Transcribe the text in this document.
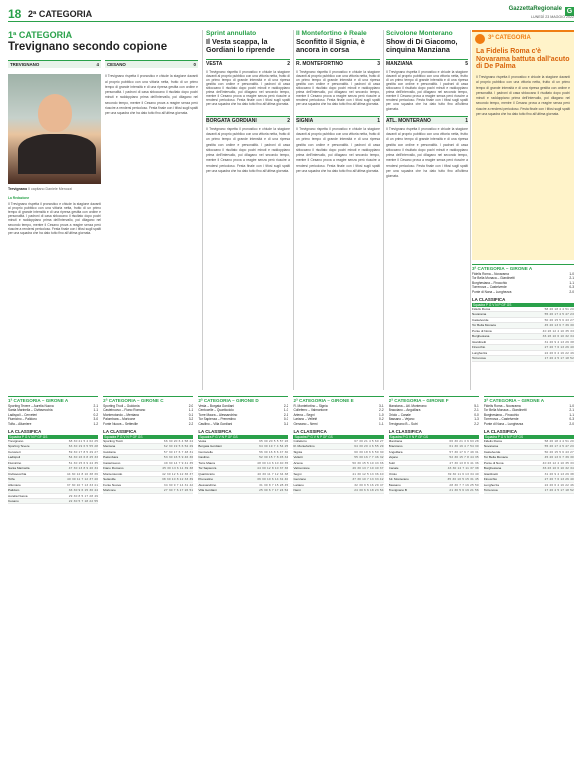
18 2ª CATEGORIA	GazzettaRegionale G
LUNEDÌ 23 MAGGIO 2022
1ª CATEGORIA
Trevignano secondo copione
TREVIGNANO	4 CESANO	0
Trevignano Il capitano Daniele Menozzi
La Redazione
Il Trevignano rispetta il pronostico e chiude la stagione davanti al proprio pubblico con una vittoria netta, frutto di un primo tempo di grande intensità e di una ripresa gestita con ordine e personalità. I padroni di casa sbloccano il risultato dopo pochi minuti e raddoppiano prima dell'intervallo, poi dilagano nel secondo tempo, mentre il Cesano prova a reagire senza però riuscire a rendersi pericoloso. Festa finale con i tifosi sugli spalti per una squadra che ha dato tutto fino all'ultima giornata.
Il Trevignano rispetta il pronostico e chiude la stagione davanti al proprio pubblico con una vittoria netta, frutto di un primo tempo di grande intensità e di una ripresa gestita con ordine e personalità. I padroni di casa sbloccano il risultato dopo pochi minuti e raddoppiano prima dell'intervallo, poi dilagano nel secondo tempo, mentre il Cesano prova a reagire senza però riuscire a rendersi pericoloso. Festa finale con i tifosi sugli spalti per una squadra che ha dato tutto fino all'ultima giornata.
Sprint annullato
Il Vesta scappa, la Gordiani lo riprende
VESTA	2
Il Trevignano rispetta il pronostico e chiude la stagione davanti al proprio pubblico con una vittoria netta, frutto di un primo tempo di grande intensità e di una ripresa gestita con ordine e personalità. I padroni di casa sbloccano il risultato dopo pochi minuti e raddoppiano prima dell'intervallo, poi dilagano nel secondo tempo, mentre il Cesano prova a reagire senza però riuscire a rendersi pericoloso. Festa finale con i tifosi sugli spalti per una squadra che ha dato tutto fino all'ultima giornata.
BORGATA GORDIANI	2
Il Trevignano rispetta il pronostico e chiude la stagione davanti al proprio pubblico con una vittoria netta, frutto di un primo tempo di grande intensità e di una ripresa gestita con ordine e personalità. I padroni di casa sbloccano il risultato dopo pochi minuti e raddoppiano prima dell'intervallo, poi dilagano nel secondo tempo, mentre il Cesano prova a reagire senza però riuscire a rendersi pericoloso. Festa finale con i tifosi sugli spalti per una squadra che ha dato tutto fino all'ultima giornata.
Il Montefortino è Reale
Sconfitto il Signia, è ancora in corsa
R. MONTEFORTINO	3
Il Trevignano rispetta il pronostico e chiude la stagione davanti al proprio pubblico con una vittoria netta, frutto di un primo tempo di grande intensità e di una ripresa gestita con ordine e personalità. I padroni di casa sbloccano il risultato dopo pochi minuti e raddoppiano prima dell'intervallo, poi dilagano nel secondo tempo, mentre il Cesano prova a reagire senza però riuscire a rendersi pericoloso. Festa finale con i tifosi sugli spalti per una squadra che ha dato tutto fino all'ultima giornata.
SIGNIA	1
Il Trevignano rispetta il pronostico e chiude la stagione davanti al proprio pubblico con una vittoria netta, frutto di un primo tempo di grande intensità e di una ripresa gestita con ordine e personalità. I padroni di casa sbloccano il risultato dopo pochi minuti e raddoppiano prima dell'intervallo, poi dilagano nel secondo tempo, mentre il Cesano prova a reagire senza però riuscire a rendersi pericoloso. Festa finale con i tifosi sugli spalti per una squadra che ha dato tutto fino all'ultima giornata.
Scivolone Monterano
Show di Di Giacomo, cinquina Manziana
MANZIANA	5
Il Trevignano rispetta il pronostico e chiude la stagione davanti al proprio pubblico con una vittoria netta, frutto di un primo tempo di grande intensità e di una ripresa gestita con ordine e personalità. I padroni di casa sbloccano il risultato dopo pochi minuti e raddoppiano prima dell'intervallo, poi dilagano nel secondo tempo, mentre il Cesano prova a reagire senza però riuscire a rendersi pericoloso. Festa finale con i tifosi sugli spalti per una squadra che ha dato tutto fino all'ultima giornata.
ATL. MONTERANO	1
Il Trevignano rispetta il pronostico e chiude la stagione davanti al proprio pubblico con una vittoria netta, frutto di un primo tempo di grande intensità e di una ripresa gestita con ordine e personalità. I padroni di casa sbloccano il risultato dopo pochi minuti e raddoppiano prima dell'intervallo, poi dilagano nel secondo tempo, mentre il Cesano prova a reagire senza però riuscire a rendersi pericoloso. Festa finale con i tifosi sugli spalti per una squadra che ha dato tutto fino all'ultima giornata.
3ª CATEGORIA
La Fidelis Roma c'è Novarama battuta dall'acuto di De Palma
Il Trevignano rispetta il pronostico e chiude la stagione davanti al proprio pubblico con una vittoria netta, frutto di un primo tempo di grande intensità e di una ripresa gestita con ordine e personalità. I padroni di casa sbloccano il risultato dopo pochi minuti e raddoppiano prima dell'intervallo, poi dilagano nel secondo tempo, mentre il Cesano prova a reagire senza però riuscire a rendersi pericoloso. Festa finale con i tifosi sugli spalti per una squadra che ha dato tutto fino all'ultima giornata.
3ª CATEGORIA – GIRONE A
Fidelis Roma – Novarama	1-0
Tor Bella Monaca – Giardinetti	2-1
Borghesiana – Finocchio	1-1
Torrenova – Castelverde	0-3
Ponte di Nona – Lunghezza	2-0
LA CLASSIFICA
Squadra P G V N P GF GS
Fidelis Roma	58 26 18 4 4 51 20
Novarama	55 26 17 4 5 47 23
Castelverde	50 26 15 5 6 43 27
Tor Bella Monaca	45 26 13 6 7 39 30
Ponte di Nona	40 26 12 4 10 35 33
Borghesiana	36 26 10 6 10 32 34
Giardinetti	31 26 9 4 13 29 38
Finocchio	27 26 7 6 13 26 40
Lunghezza	22 26 6 4 16 22 46
Torrenova	17 26 4 5 17 18 52
1ª CATEGORIA – GIRONE A
Sporting Tevere – Aurelia Nuova	2-1
Santa Marinella – Civitavecchia	1-1
Ladispoli – Cerveteri	0-2
Fiumicino – Palidoro	3-0
Tolfa – Allumiere	1-2
LA CLASSIFICA
Squadra P G V N P GF GS
Trevignano	68 30 21 5 4 62 25
Sporting Tevere	63 30 19 6 5 55 28
Cerveteri	59 30 17 8 5 49 27
Ladispoli	54 30 16 6 8 45 33
Fiumicino	51 30 15 6 9 44 35
Santa Marinella	47 30 13 8 9 40 34
Civitavecchia	44 30 12 8 10 38 36
Tolfa	40 30 11 7 12 37 40
Allumiere	37 30 10 7 13 33 41
Palidoro	33 30 9 6 15 30 44
Aurelia Nuova	29 30 8 5 17 28 49
Cesano	22 30 5 7 18 22 55
2ª CATEGORIA – GIRONE C
Sporting Tivoli – Guidonia	2-0
Castelnuovo – Fiano Romano	1-1
Monterotondo – Mentana	0-1
Palombara – Moricone	3-2
Fonte Nuova – Setteville	2-2
LA CLASSIFICA
Squadra P G V N P GF GS
Sporting Tivoli	66 30 20 6 4 58 24
Mentana	62 30 19 5 6 52 29
Guidonia	57 30 17 6 7 48 31
Palombara	53 30 16 5 9 46 36
Castelnuovo	49 30 14 7 9 41 35
Fiano Romano	45 30 13 6 11 39 38
Monterotondo	42 30 12 6 12 36 37
Setteville	38 30 10 8 12 33 39
Fonte Nuova	34 30 9 7 14 31 42
Moricone	27 30 7 6 17 26 51
2ª CATEGORIA – GIRONE D
Vesta – Borgata Gordiani	2-2
Centocelle – Quarticciolo	1-0
Torre Maura – Alessandrino	2-1
Tor Sapienza – Prenestino	0-0
Casilino – Villa Gordiani	3-1
LA CLASSIFICA
Squadra P G V N P GF GS
Vesta	65 30 20 5 5 57 26
Borgata Gordiani	64 30 19 7 4 54 25
Centocelle	56 30 16 8 6 47 30
Casilino	52 30 15 7 8 45 34
Torre Maura	48 30 14 6 10 40 35
Tor Sapienza	44 30 12 8 10 37 36
Quarticciolo	40 30 11 7 12 34 38
Prenestino	36 30 10 6 14 31 40
Alessandrino	31 30 8 7 15 28 45
Villa Gordiani	25 30 6 7 17 24 52
2ª CATEGORIA – GIRONE E
R. Montefortino – Signia	3-1
Colleferro – Valmontone	2-2
Artena – Segni	1-0
Lariano – Velletri	0-2
Genzano – Nemi	1-1
LA CLASSIFICA
Squadra P G V N P GF GS
Colleferro	67 30 21 4 5 60 27
R. Montefortino	64 30 20 4 6 55 29
Signia	60 30 18 6 6 50 30
Velletri	55 30 16 7 7 46 32
Artena	50 30 15 5 10 43 36
Valmontone	46 30 13 7 10 40 37
Segni	41 30 12 5 13 36 40
Genzano	37 30 10 7 13 33 42
Lariano	32 30 9 5 16 29 47
Nemi	24 30 6 6 18 23 54
2ª CATEGORIA – GIRONE F
Manziana – Atl. Monterano	5-1
Bracciano – Anguillara	2-1
Oriolo – Canale	0-0
Bassano – Vejano	1-3
Trevignano B – Sutri	2-2
LA CLASSIFICA
Squadra P G V N P GF GS
Manziana	66 30 21 3 6 63 28
Bracciano	61 30 19 4 7 54 30
Anguillara	57 30 17 6 7 49 31
Vejano	52 30 15 7 8 44 35
Sutri	47 30 13 8 9 41 36
Canale	43 30 12 7 11 37 38
Oriolo	39 30 11 6 13 34 40
Atl. Monterano	35 30 10 5 15 31 45
Bassano	28 30 7 7 16 25 50
Trevignano B	21 30 5 6 19 21 56
3ª CATEGORIA – GIRONE A
Fidelis Roma – Novarama	1-0
Tor Bella Monaca – Giardinetti	2-1
Borghesiana – Finocchio	1-1
Torrenova – Castelverde	0-3
Ponte di Nona – Lunghezza	2-0
LA CLASSIFICA
Squadra P G V N P GF GS
Fidelis Roma	58 26 18 4 4 51 20
Novarama	55 26 17 4 5 47 23
Castelverde	50 26 15 5 6 43 27
Tor Bella Monaca	45 26 13 6 7 39 30
Ponte di Nona	40 26 12 4 10 35 33
Borghesiana	36 26 10 6 10 32 34
Giardinetti	31 26 9 4 13 29 38
Finocchio	27 26 7 6 13 26 40
Lunghezza	22 26 6 4 16 22 46
Torrenova	17 26 4 5 17 18 52
